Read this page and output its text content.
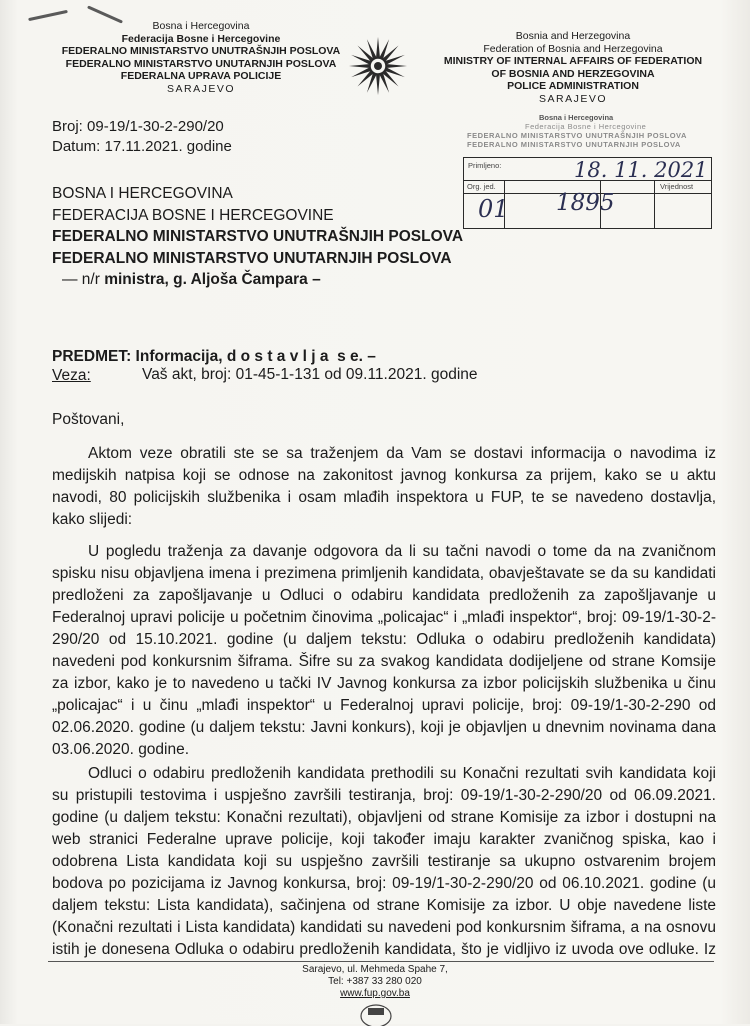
Bosna i Hercegovina
Federacija Bosne i Hercegovine
FEDERALNO MINISTARSTVO UNUTRAŠNJIH POSLOVA
FEDERALNO MINISTARSTVO UNUTARNJIH POSLOVA
FEDERALNA UPRAVA POLICIJE
SARAJEVO
Bosnia and Herzegovina
Federation of Bosnia and Herzegovina
MINISTRY OF INTERNAL AFFAIRS OF FEDERATION
OF BOSNIA AND HERZEGOVINA
POLICE ADMINISTRATION
SARAJEVO
Broj: 09-19/1-30-2-290/20
Datum: 17.11.2021. godine
Bosna i Hercegovina
Federacija Bosne i Hercegovine
FEDERALNO MINISTARSTVO UNUTRAŠNJIH POSLOVA
FEDERALNO MINISTARSTVO UNUTARNJIH POSLOVA
Primljeno:
Org. jed.	Vrijednost
18. 11. 2021
01 1895
BOSNA I HERCEGOVINA
FEDERACIJA BOSNE I HERCEGOVINE
FEDERALNO MINISTARSTVO UNUTRAŠNJIH POSLOVA
FEDERALNO MINISTARSTVO UNUTARNJIH POSLOVA
— n/r ministra, g. Aljoša Čampara –
PREDMET: Informacija, d o s t a v l j a  s e. –
Veza:	Vaš akt, broj: 01-45-1-131 od 09.11.2021. godine
Poštovani,
Aktom veze obratili ste se sa traženjem da Vam se dostavi informacija o navodima iz
medijskih natpisa koji se odnose na zakonitost javnog konkursa za prijem, kako se u aktu
navodi, 80 policijskih službenika i osam mlađih inspektora u FUP, te se navedeno dostavlja,
kako slijedi:
U pogledu traženja za davanje odgovora da li su tačni navodi o tome da na zvaničnom
spisku nisu objavljena imena i prezimena primljenih kandidata, obavještavate se da su kandidati
predloženi za zapošljavanje u Odluci o odabiru kandidata predloženih za zapošljavanje u
Federalnoj upravi policije u početnim činovima „policajac“ i „mlađi inspektor“, broj: 09-19/1-30-2-
290/20 od 15.10.2021. godine (u daljem tekstu: Odluka o odabiru predloženih kandidata)
navedeni pod konkursnim šiframa. Šifre su za svakog kandidata dodijeljene od strane Komsije
za izbor, kako je to navedeno u tački IV Javnog konkursa za izbor policijskih službenika u činu
„policajac“ i u činu „mlađi inspektor“ u Federalnoj upravi policije, broj: 09-19/1-30-2-290 od
02.06.2020. godine (u daljem tekstu: Javni konkurs), koji je objavljen u dnevnim novinama dana
03.06.2020. godine.
Odluci o odabiru predloženih kandidata prethodili su Konačni rezultati svih kandidata koji
su pristupili testovima i uspješno završili testiranja, broj: 09-19/1-30-2-290/20 od 06.09.2021.
godine (u daljem tekstu: Konačni rezultati), objavljeni od strane Komisije za izbor i dostupni na
web stranici Federalne uprave policije, koji također imaju karakter zvaničnog spiska, kao i
odobrena Lista kandidata koji su uspješno završili testiranje sa ukupno ostvarenim brojem
bodova po pozicijama iz Javnog konkursa, broj: 09-19/1-30-2-290/20 od 06.10.2021. godine (u
daljem tekstu: Lista kandidata), sačinjena od strane Komisije za izbor. U obje navedene liste
(Konačni rezultati i Lista kandidata) kandidati su navedeni pod konkursnim šiframa, a na osnovu
istih je donesena Odluka o odabiru predloženih kandidata, što je vidljivo iz uvoda ove odluke. Iz
Sarajevo, ul. Mehmeda Spahe 7,
Tel: +387 33 280 020
www.fup.gov.ba
